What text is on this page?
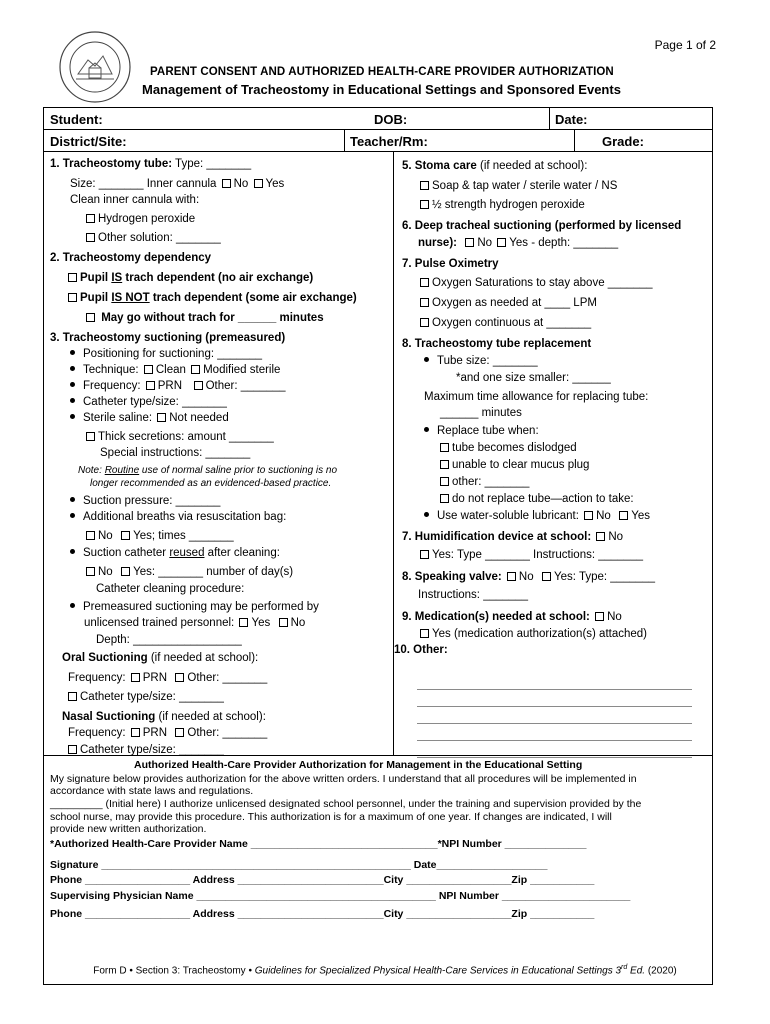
Page 1 of 2
PARENT CONSENT AND AUTHORIZED HEALTH-CARE PROVIDER AUTHORIZATION
Management of Tracheostomy in Educational Settings and Sponsored Events
Student:	DOB:	Date:
District/Site:	Teacher/Rm:	Grade:
1. Tracheostomy tube: Type: _______
Size: _______ Inner cannula No Yes
Clean inner cannula with:
Hydrogen peroxide
Other solution: _______
2. Tracheostomy dependency
Pupil IS trach dependent (no air exchange)
Pupil IS NOT trach dependent (some air exchange)
May go without trach for ______ minutes
3. Tracheostomy suctioning (premeasured)
Positioning for suctioning: _______
Technique: Clean Modified sterile
Frequency: PRN Other: _______
Catheter type/size: _______
Sterile saline: Not needed
Thick secretions: amount _______
Special instructions: _______
Note: Routine use of normal saline prior to suctioning is no
longer recommended as an evidenced-based practice.
Suction pressure: _______
Additional breaths via resuscitation bag:
No Yes; times _______
Suction catheter reused after cleaning:
No Yes: _______ number of day(s)
Catheter cleaning procedure:
Premeasured suctioning may be performed by
unlicensed trained personnel: Yes No
Depth: _________________
Oral Suctioning (if needed at school):
Frequency: PRN Other: _______
Catheter type/size: _______
Nasal Suctioning (if needed at school):
Frequency: PRN Other: _______
Catheter type/size: _______
5. Stoma care (if needed at school):
Soap & tap water / sterile water / NS
½ strength hydrogen peroxide
6. Deep tracheal suctioning (performed by licensed
nurse): No Yes - depth: _______
7. Pulse Oximetry
Oxygen Saturations to stay above _______
Oxygen as needed at ____ LPM
Oxygen continuous at _______
8. Tracheostomy tube replacement
Tube size: _______
*and one size smaller: ______
Maximum time allowance for replacing tube:
______ minutes
Replace tube when:
tube becomes dislodged
unable to clear mucus plug
other: _______
do not replace tube—action to take:
Use water-soluble lubricant: No Yes
7. Humidification device at school: No
Yes: Type _______ Instructions: _______
8. Speaking valve: No Yes: Type: _______
Instructions: _______
9. Medication(s) needed at school: No
Yes (medication authorization(s) attached)
10. Other:
Authorized Health-Care Provider Authorization for Management in the Educational Setting
My signature below provides authorization for the above written orders. I understand that all procedures will be implemented in
accordance with state laws and regulations.
_________ (Initial here) I authorize unlicensed designated school personnel, under the training and supervision provided by the
school nurse, may provide this procedure. This authorization is for a maximum of one year. If changes are indicated, I will
provide new written authorization.
*Authorized Health-Care Provider Name ________________________________*NPI Number ______________
Signature _____________________________________________________ Date___________________
Phone __________________ Address _________________________City __________________Zip ___________
Supervising Physician Name _________________________________________ NPI Number ______________________
Phone __________________ Address _________________________City __________________Zip ___________
Form D • Section 3: Tracheostomy • Guidelines for Specialized Physical Health-Care Services in Educational Settings 3rd Ed. (2020)
